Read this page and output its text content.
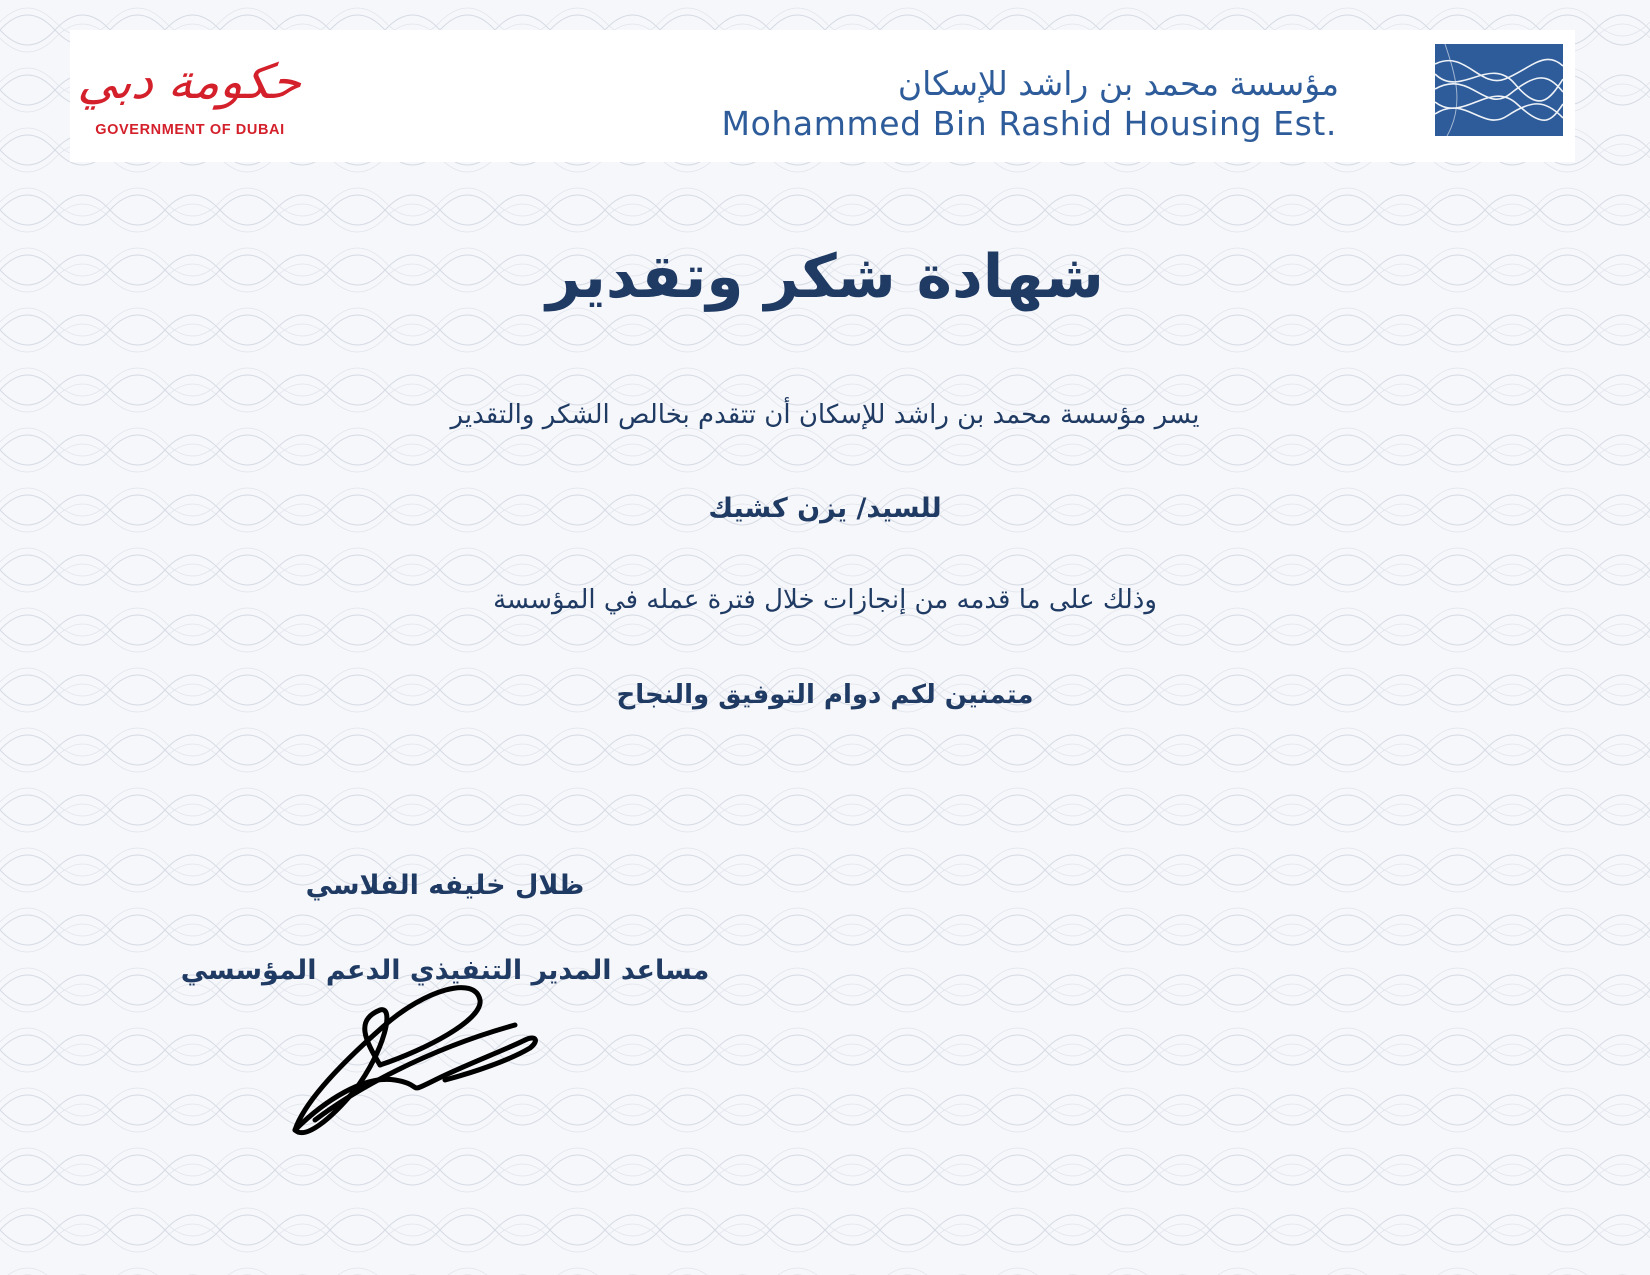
حكومة دبي
GOVERNMENT OF DUBAI
مؤسسة محمد بن راشد للإسكان
Mohammed Bin Rashid Housing Est.
شهادة شكر وتقدير
يسر مؤسسة محمد بن راشد للإسكان أن تتقدم بخالص الشكر والتقدير
للسيد/ يزن كشيك
وذلك على ما قدمه من إنجازات خلال فترة عمله في المؤسسة
متمنين لكم دوام التوفيق والنجاح
ظلال خليفه الفلاسي
مساعد المدير التنفيذي الدعم المؤسسي
